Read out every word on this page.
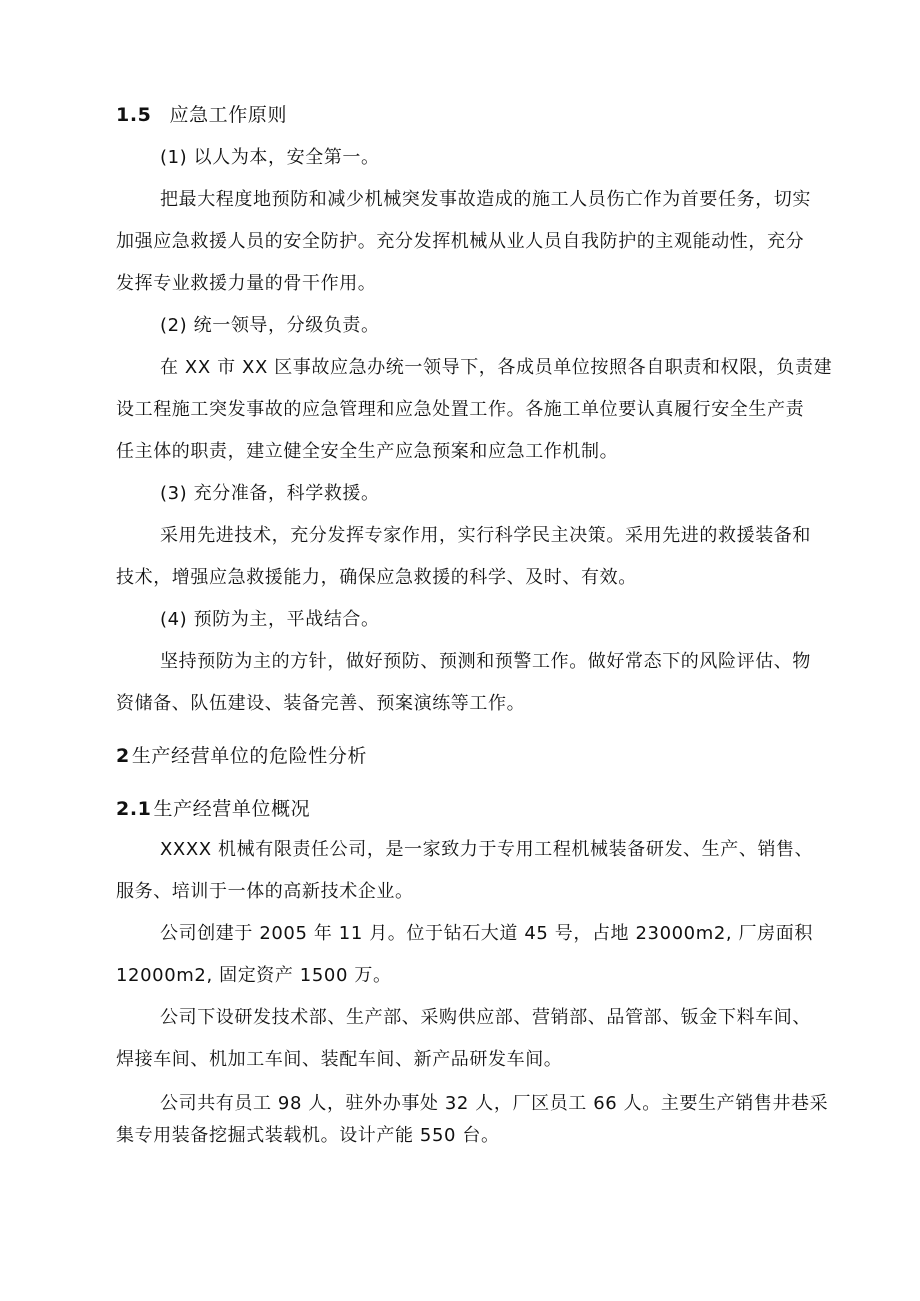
1.5 应急工作原则
(1) 以人为本，安全第一。
把最大程度地预防和减少机械突发事故造成的施工人员伤亡作为首要任务，切实
加强应急救援人员的安全防护。充分发挥机械从业人员自我防护的主观能动性，充分
发挥专业救援力量的骨干作用。
(2) 统一领导，分级负责。
在 XX 市 XX 区事故应急办统一领导下，各成员单位按照各自职责和权限，负责建
设工程施工突发事故的应急管理和应急处置工作。各施工单位要认真履行安全生产责
任主体的职责，建立健全安全生产应急预案和应急工作机制。
(3) 充分准备，科学救援。
采用先进技术，充分发挥专家作用，实行科学民主决策。采用先进的救援装备和
技术，增强应急救援能力，确保应急救援的科学、及时、有效。
(4) 预防为主，平战结合。
坚持预防为主的方针，做好预防、预测和预警工作。做好常态下的风险评估、物
资储备、队伍建设、装备完善、预案演练等工作。
2 生产经营单位的危险性分析
2.1 生产经营单位概况
XXXX 机械有限责任公司，是一家致力于专用工程机械装备研发、生产、销售、
服务、培训于一体的高新技术企业。
公司创建于 2005 年 11 月。位于钻石大道 45 号，占地 23000m2, 厂房面积
12000m2, 固定资产 1500 万。
公司下设研发技术部、生产部、采购供应部、营销部、品管部、钣金下料车间、
焊接车间、机加工车间、装配车间、新产品研发车间。
公司共有员工 98 人，驻外办事处 32 人，厂区员工 66 人。主要生产销售井巷采
集专用装备挖掘式装载机。设计产能 550 台。
